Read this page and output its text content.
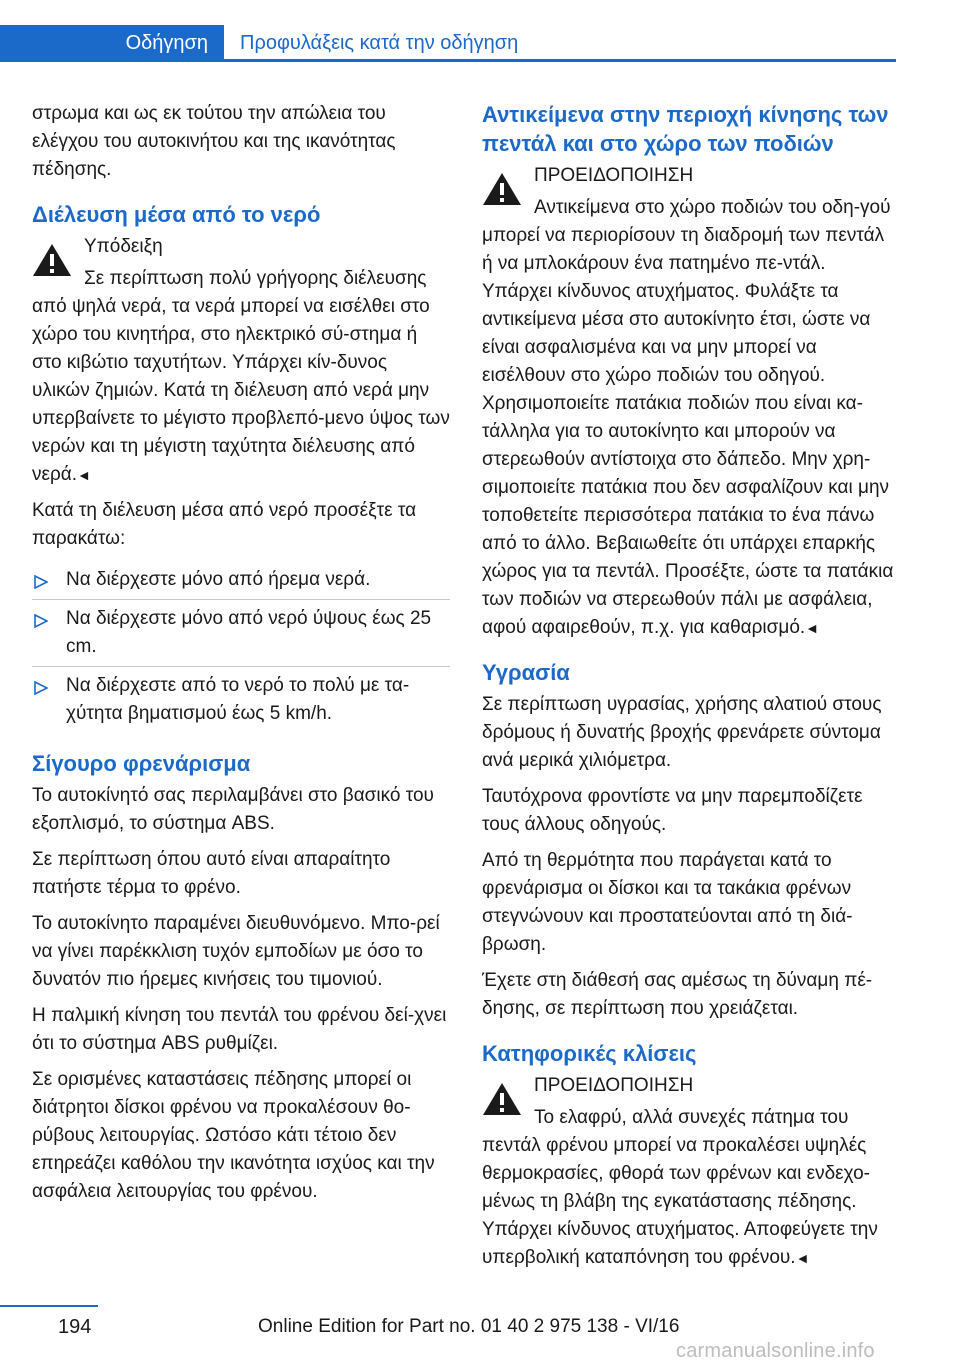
Οδήγηση	Προφυλάξεις κατά την οδήγηση

στρωμα και ως εκ τούτου την απώλεια του ελέγχου του αυτοκινήτου και της ικανότητας πέδησης.

Διέλευση μέσα από το νερό

Υπόδειξη

Σε περίπτωση πολύ γρήγορης διέλευσης από ψηλά νερά, τα νερά μπορεί να εισέλθει στο χώρο του κινητήρα, στο ηλεκτρικό σύ-στημα ή στο κιβώτιο ταχυτήτων. Υπάρχει κίν-δυνος υλικών ζημιών. Κατά τη διέλευση από νερά μην υπερβαίνετε το μέγιστο προβλεπό-μενο ύψος των νερών και τη μέγιστη ταχύτητα διέλευσης από νερά.◄

Κατά τη διέλευση μέσα από νερό προσέξτε τα παρακάτω:

Να διέρχεστε μόνο από ήρεμα νερά.
Να διέρχεστε μόνο από νερό ύψους έως 25 cm.
Να διέρχεστε από το νερό το πολύ με τα-χύτητα βηματισμού έως 5 km/h.
Σίγουρο φρενάρισμα

Το αυτοκίνητό σας περιλαμβάνει στο βασικό του εξοπλισμό, το σύστημα ABS.

Σε περίπτωση όπου αυτό είναι απαραίτητο πατήστε τέρμα το φρένο.

Το αυτοκίνητο παραμένει διευθυνόμενο. Μπο-ρεί να γίνει παρέκκλιση τυχόν εμποδίων με όσο το δυνατόν πιο ήρεμες κινήσεις του τιμονιού.

Η παλμική κίνηση του πεντάλ του φρένου δεί-χνει ότι το σύστημα ABS ρυθμίζει.

Σε ορισμένες καταστάσεις πέδησης μπορεί οι διάτρητοι δίσκοι φρένου να προκαλέσουν θο-ρύβους λειτουργίας. Ωστόσο κάτι τέτοιο δεν επηρεάζει καθόλου την ικανότητα ισχύος και την ασφάλεια λειτουργίας του φρένου.

Αντικείμενα στην περιοχή κίνησης των πεντάλ και στο χώρο των ποδιών

ΠΡΟΕΙΔΟΠΟΙΗΣΗ

Αντικείμενα στο χώρο ποδιών του οδη-γού μπορεί να περιορίσουν τη διαδρομή των πεντάλ ή να μπλοκάρουν ένα πατημένο πε-ντάλ. Υπάρχει κίνδυνος ατυχήματος. Φυλάξτε τα αντικείμενα μέσα στο αυτοκίνητο έτσι, ώστε να είναι ασφαλισμένα και να μην μπορεί να εισέλθουν στο χώρο ποδιών του οδηγού. Χρησιμοποιείτε πατάκια ποδιών που είναι κα-τάλληλα για το αυτοκίνητο και μπορούν να στερεωθούν αντίστοιχα στο δάπεδο. Μην χρη-σιμοποιείτε πατάκια που δεν ασφαλίζουν και μην τοποθετείτε περισσότερα πατάκια το ένα πάνω από το άλλο. Βεβαιωθείτε ότι υπάρχει επαρκής χώρος για τα πεντάλ. Προσέξτε, ώστε τα πατάκια των ποδιών να στερεωθούν πάλι με ασφάλεια, αφού αφαιρεθούν, π.χ. για καθαρισμό.◄

Υγρασία

Σε περίπτωση υγρασίας, χρήσης αλατιού στους δρόμους ή δυνατής βροχής φρενάρετε σύντομα ανά μερικά χιλιόμετρα.

Ταυτόχρονα φροντίστε να μην παρεμποδίζετε τους άλλους οδηγούς.

Από τη θερμότητα που παράγεται κατά το φρενάρισμα οι δίσκοι και τα τακάκια φρένων στεγνώνουν και προστατεύονται από τη διά-βρωση.

Έχετε στη διάθεσή σας αμέσως τη δύναμη πέ-δησης, σε περίπτωση που χρειάζεται.

Κατηφορικές κλίσεις

ΠΡΟΕΙΔΟΠΟΙΗΣΗ

Το ελαφρύ, αλλά συνεχές πάτημα του πεντάλ φρένου μπορεί να προκαλέσει υψηλές θερμοκρασίες, φθορά των φρένων και ενδεχο-μένως τη βλάβη της εγκατάστασης πέδησης. Υπάρχει κίνδυνος ατυχήματος. Αποφεύγετε την υπερβολική καταπόνηση του φρένου.◄

194	Online Edition for Part no. 01 40 2 975 138 - VI/16
carmanualsonline.info
